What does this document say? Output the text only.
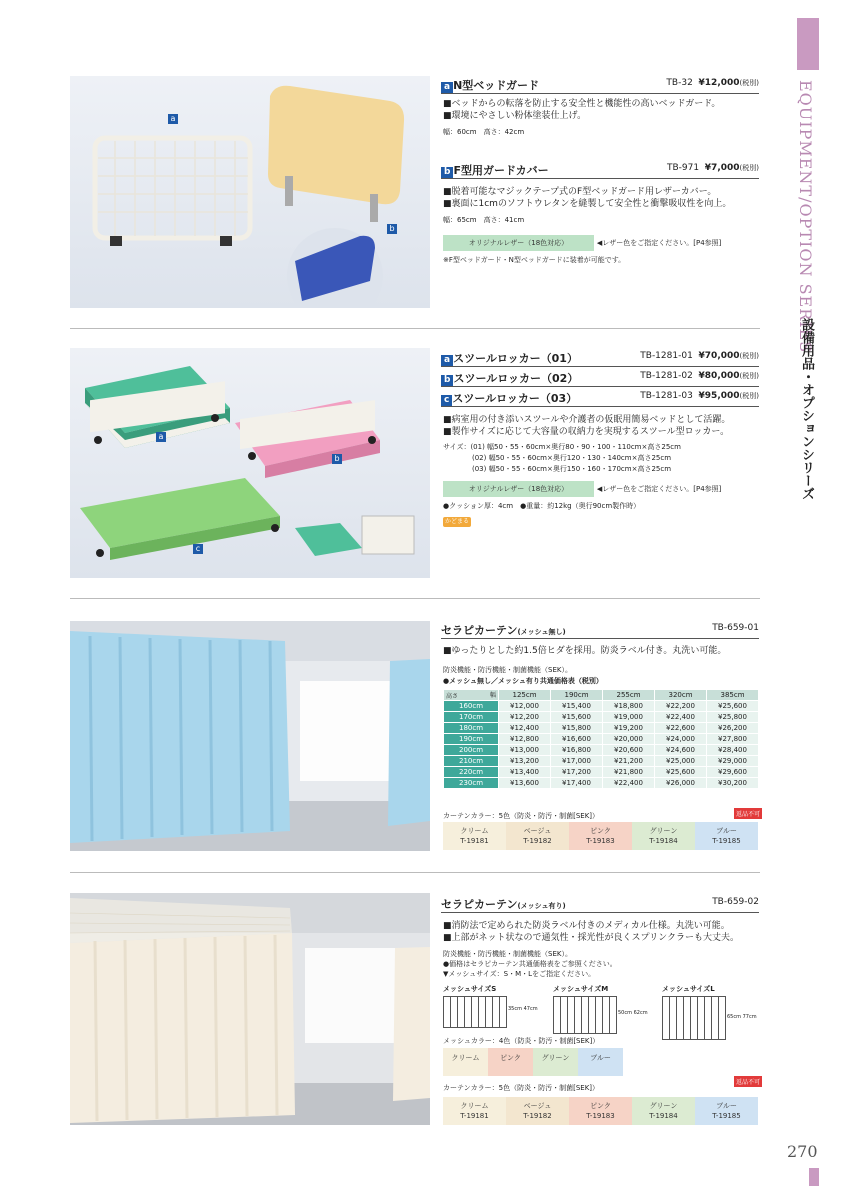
EQUIPMENT/OPTION SERIES
設備用品・オプションシリーズ
a
b
a N型ベッドガード	TB-32 ¥12,000(税別)
■ベッドからの転落を防止する安全性と機能性の高いベッドガード。
■環境にやさしい粉体塗装仕上げ。
幅：60cm　高さ：42cm
b F型用ガードカバー	TB-971 ¥7,000(税別)
■脱着可能なマジックテープ式のF型ベッドガード用レザーカバー。
■裏面に1cmのソフトウレタンを縫製して安全性と衝撃吸収性を向上。
幅：65cm　高さ：41cm
オリジナルレザー（18色対応）	◀レザー色をご指定ください。[P4参照]
※F型ベッドガード・N型ベッドガードに装着が可能です。
a
b
c
a スツールロッカー（01）	TB-1281-01 ¥70,000(税別)
b スツールロッカー（02）	TB-1281-02 ¥80,000(税別)
c スツールロッカー（03）	TB-1281-03 ¥95,000(税別)
■病室用の付き添いスツールや介護者の仮眠用簡易ベッドとして活躍。
■製作サイズに応じて大容量の収納力を実現するスツール型ロッカー。
サイズ：(01) 幅50・55・60cm×奥行80・90・100・110cm×高さ25cm
(02) 幅50・55・60cm×奥行120・130・140cm×高さ25cm
(03) 幅50・55・60cm×奥行150・160・170cm×高さ25cm
オリジナルレザー（18色対応）	◀レザー色をご指定ください。[P4参照]
●クッション厚：4cm　●重量：約12kg（奥行90cm製作時）
かどまる
セラピカーテン(メッシュ無し)	TB-659-01
■ゆったりとした約1.5倍ヒダを採用。防炎ラベル付き。丸洗い可能。
防炎機能・防汚機能・制菌機能（SEK）。
●メッシュ無し／メッシュ有り共通価格表（税別）
幅
高さ	125cm	190cm	255cm	320cm	385cm
160cm	¥12,000	¥15,400	¥18,800	¥22,200	¥25,600
170cm	¥12,200	¥15,600	¥19,000	¥22,400	¥25,800
180cm	¥12,400	¥15,800	¥19,200	¥22,600	¥26,200
190cm	¥12,800	¥16,600	¥20,000	¥24,000	¥27,800
200cm	¥13,000	¥16,800	¥20,600	¥24,600	¥28,400
210cm	¥13,200	¥17,000	¥21,200	¥25,000	¥29,000
220cm	¥13,400	¥17,200	¥21,800	¥25,600	¥29,600
230cm	¥13,600	¥17,400	¥22,400	¥26,000	¥30,200
カーテンカラー：5色（防炎・防汚・制菌[SEK]）	返品不可
クリーム
T-19181
ベージュ
T-19182
ピンク
T-19183
グリーン
T-19184
ブルー
T-19185
セラピカーテン(メッシュ有り)	TB-659-02
■消防法で定められた防炎ラベル付きのメディカル仕様。丸洗い可能。
■上部がネット状なので通気性・採光性が良くスプリンクラーも大丈夫。
防炎機能・防汚機能・制菌機能（SEK）。
●価格はセラピカーテン共通価格表をご参照ください。
▼メッシュサイズ：S・M・Lをご指定ください。
メッシュサイズS
35cm 47cm
メッシュサイズM
50cm 62cm
メッシュサイズL
65cm 77cm
メッシュカラー：4色（防炎・防汚・制菌[SEK]）
クリーム	ピンク	グリーン	ブルー
カーテンカラー：5色（防炎・防汚・制菌[SEK]）
返品不可
クリーム
T-19181
ベージュ
T-19182
ピンク
T-19183
グリーン
T-19184
ブルー
T-19185
270
